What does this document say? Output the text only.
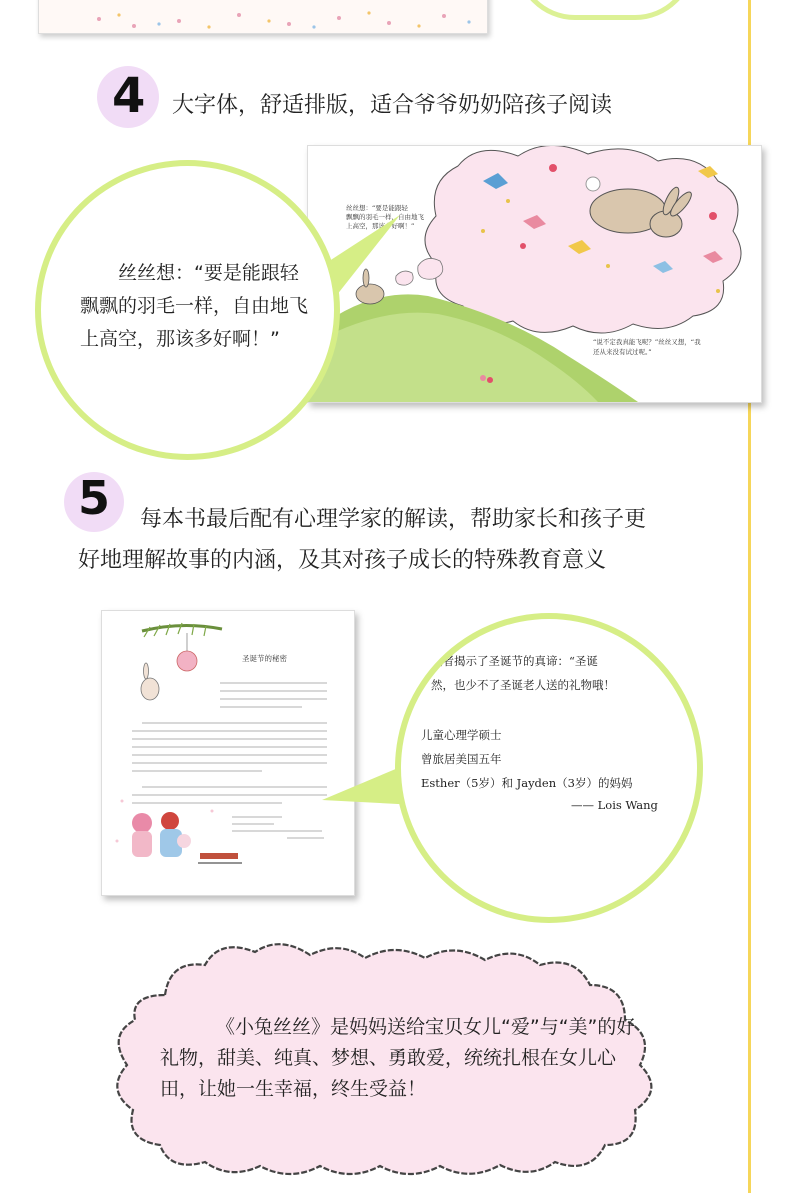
4 大字体，舒适排版，适合爷爷奶奶陪孩子阅读
丝丝想：“要是能跟轻
飘飘的羽毛一样，自由地飞
上高空，那该多好啊！”
“说不定我真能飞呢？”丝丝又想，“我
还从来没有试过呢。”
丝丝想：“要是能跟轻飘飘的羽毛一样，自由地飞上高空，那该多好啊！”
5 每本书最后配有心理学家的解读，帮助家长和孩子更
好地理解故事的内涵，及其对孩子成长的特殊教育意义
圣诞节的秘密	读者揭示了圣诞节的真谛：“圣诞
然，也少不了圣诞老人送的礼物哦！
儿童心理学硕士
曾旅居美国五年
Esther（5岁）和 Jayden（3岁）的妈妈
—— Lois Wang
《小兔丝丝》是妈妈送给宝贝女儿“爱”与“美”的好礼物，甜美、纯真、梦想、勇敢爱，统统扎根在女儿心田，让她一生幸福，终生受益！
